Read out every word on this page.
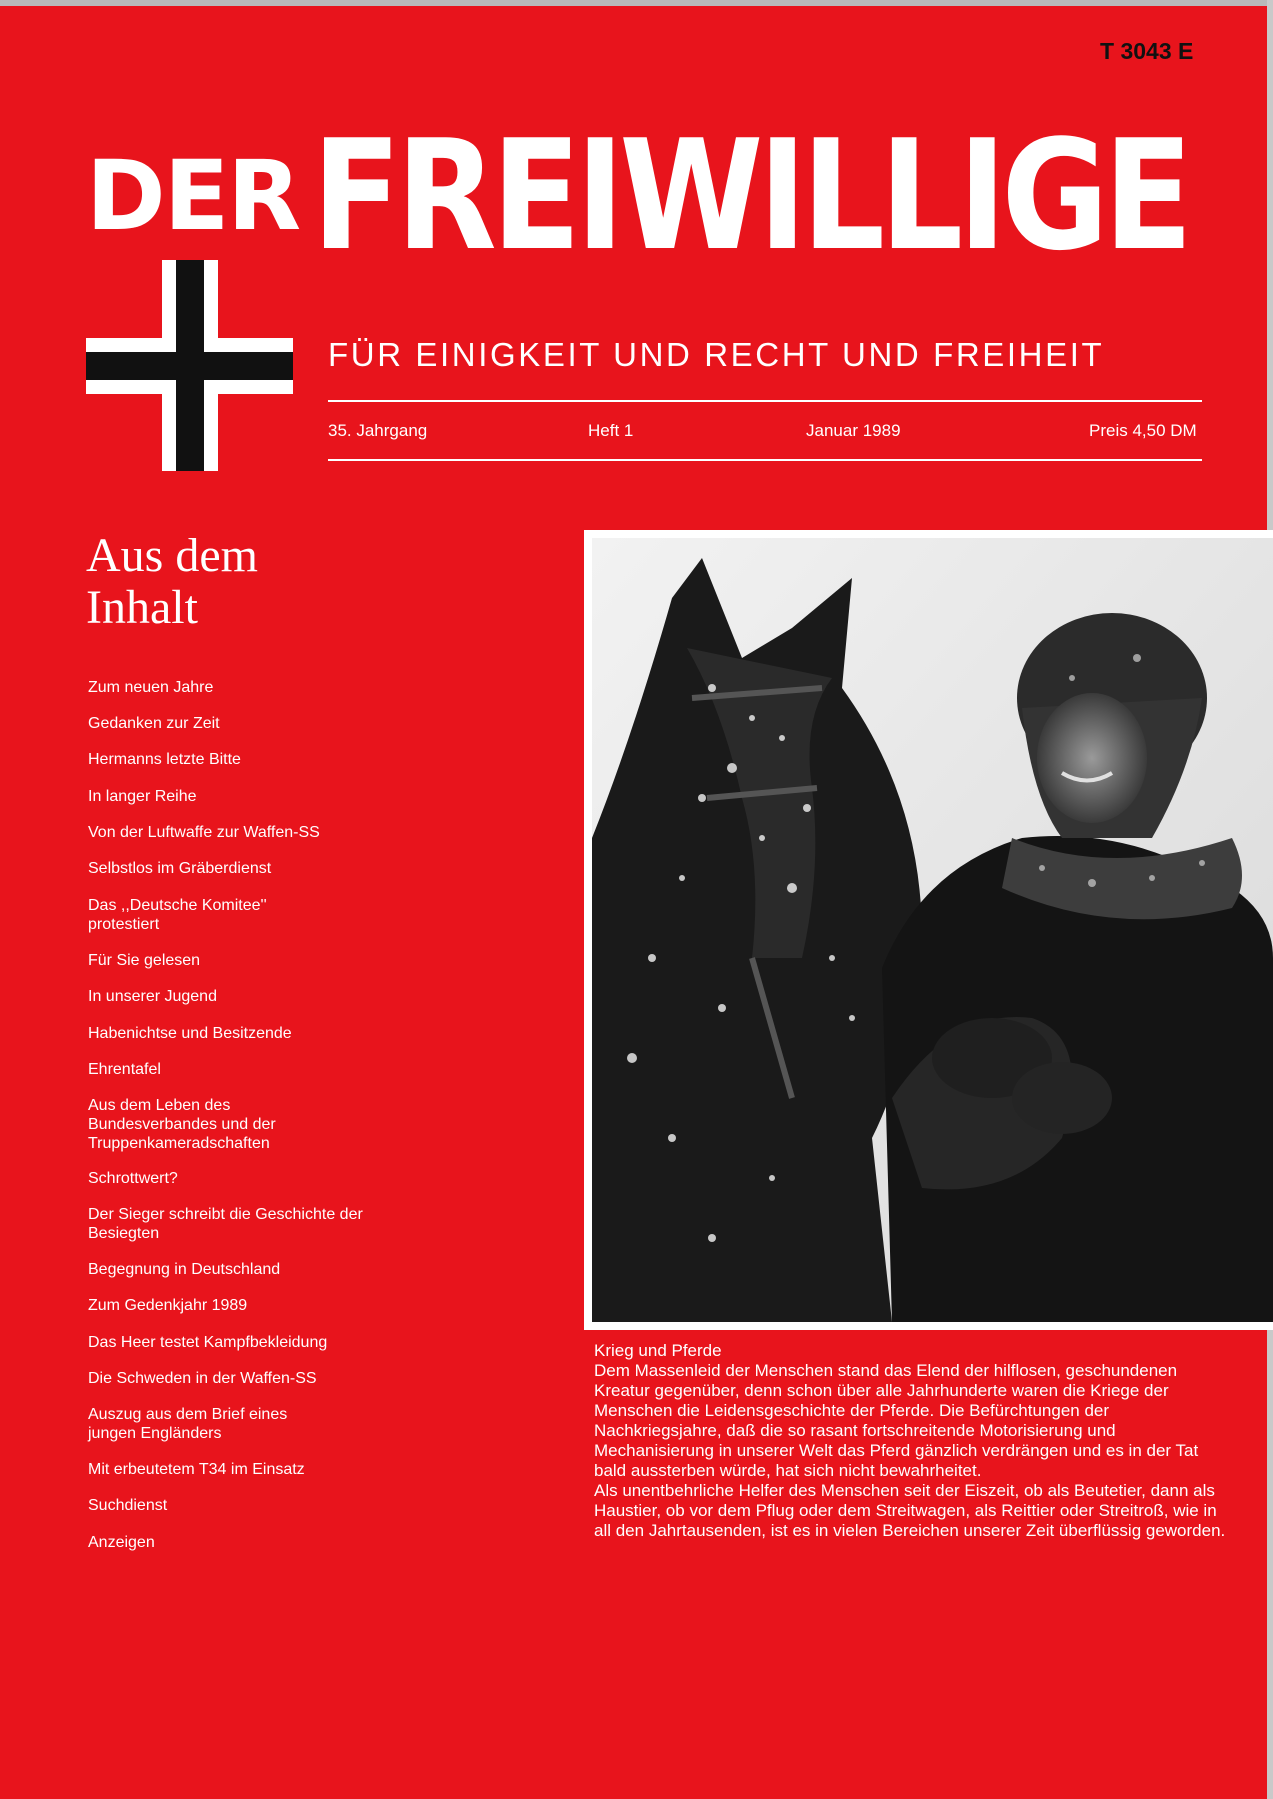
T 3043 E
DER FREIWILLIGE
FÜR EINIGKEIT UND RECHT UND FREIHEIT
35. Jahrgang	Heft 1	Januar 1989	Preis 4,50 DM
Aus dem
Inhalt
Zum neuen Jahre
Gedanken zur Zeit
Hermanns letzte Bitte
In langer Reihe
Von der Luftwaffe zur Waffen-SS
Selbstlos im Gräberdienst
Das ,,Deutsche Komitee'' protestiert
Für Sie gelesen
In unserer Jugend
Habenichtse und Besitzende
Ehrentafel
Aus dem Leben des Bundesverbandes und der Truppenkameradschaften
Schrottwert?
Der Sieger schreibt die Geschichte der Besiegten
Begegnung in Deutschland
Zum Gedenkjahr 1989
Das Heer testet Kampfbekleidung
Die Schweden in der Waffen-SS
Auszug aus dem Brief eines jungen Engländers
Mit erbeutetem T34 im Einsatz
Suchdienst
Anzeigen

Krieg und Pferde

Dem Massenleid der Menschen stand das Elend der hilflosen, geschundenen Kreatur gegenüber, denn schon über alle Jahrhunderte waren die Kriege der Menschen die Leidensgeschichte der Pferde. Die Befürchtungen der Nachkriegsjahre, daß die so rasant fortschreitende Motorisierung und Mechanisierung in unserer Welt das Pferd gänzlich verdrängen und es in der Tat bald aussterben würde, hat sich nicht bewahrheitet.

Als unentbehrliche Helfer des Menschen seit der Eiszeit, ob als Beutetier, dann als Haustier, ob vor dem Pflug oder dem Streitwagen, als Reittier oder Streitroß, wie in all den Jahrtausenden, ist es in vielen Bereichen unserer Zeit überflüssig geworden.
